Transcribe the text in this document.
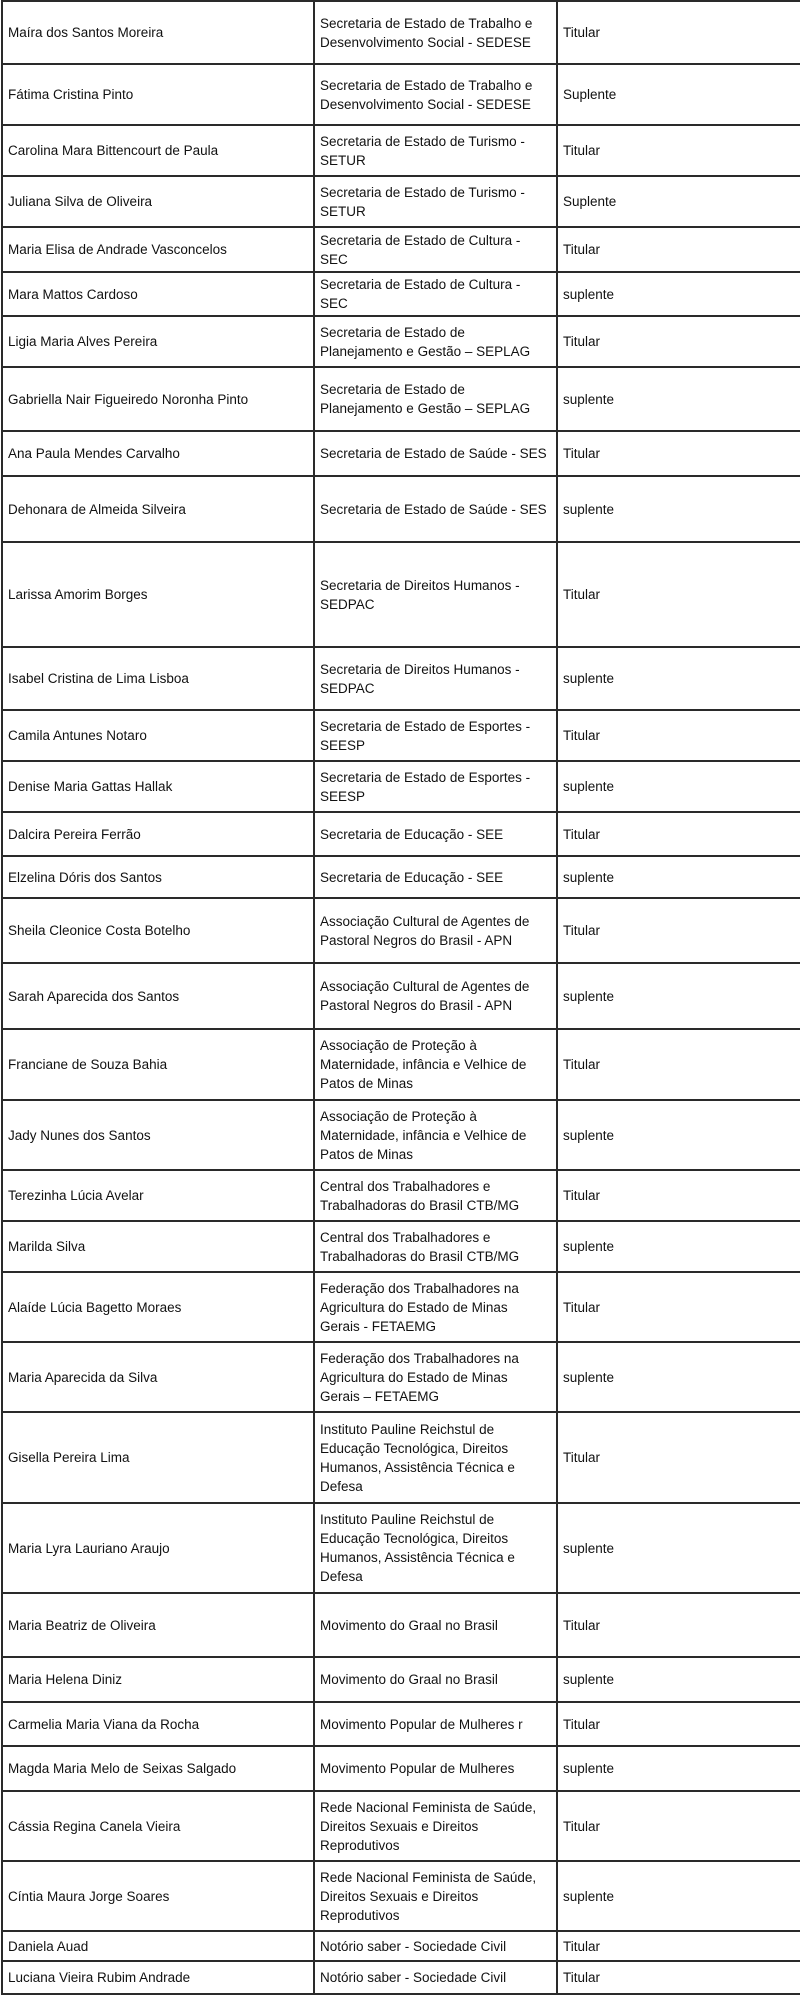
Maíra dos Santos Moreira	Secretaria de Estado de Trabalho e
Desenvolvimento Social - SEDESE	Titular
Fátima Cristina Pinto	Secretaria de Estado de Trabalho e
Desenvolvimento Social - SEDESE	Suplente
Carolina Mara Bittencourt de Paula	Secretaria de Estado de Turismo -
SETUR	Titular
Juliana Silva de Oliveira	Secretaria de Estado de Turismo -
SETUR	Suplente
Maria Elisa de Andrade Vasconcelos	Secretaria de Estado de Cultura - SEC	Titular
Mara Mattos Cardoso	Secretaria de Estado de Cultura - SEC	suplente
Ligia Maria Alves Pereira	Secretaria de Estado de
Planejamento e Gestão – SEPLAG	Titular
Gabriella Nair Figueiredo Noronha Pinto	Secretaria de Estado de
Planejamento e Gestão – SEPLAG	suplente
Ana Paula Mendes Carvalho	Secretaria de Estado de Saúde - SES	Titular
Dehonara de Almeida Silveira	Secretaria de Estado de Saúde - SES	suplente
Larissa Amorim Borges	Secretaria de Direitos Humanos -
SEDPAC	Titular
Isabel Cristina de Lima Lisboa	Secretaria de Direitos Humanos -
SEDPAC	suplente
Camila Antunes Notaro	Secretaria de Estado de Esportes -
SEESP	Titular
Denise Maria Gattas Hallak	Secretaria de Estado de Esportes -
SEESP	suplente
Dalcira Pereira Ferrão	Secretaria de Educação - SEE	Titular
Elzelina Dóris dos Santos	Secretaria de Educação - SEE	suplente
Sheila Cleonice Costa Botelho	Associação Cultural de Agentes de
Pastoral Negros do Brasil - APN	Titular
Sarah Aparecida dos Santos	Associação Cultural de Agentes de
Pastoral Negros do Brasil - APN	suplente
Franciane de Souza Bahia	Associação de Proteção à
Maternidade, infância e Velhice de
Patos de Minas	Titular
Jady Nunes dos Santos	Associação de Proteção à
Maternidade, infância e Velhice de
Patos de Minas	suplente
Terezinha Lúcia Avelar	Central dos Trabalhadores e
Trabalhadoras do Brasil CTB/MG	Titular
Marilda Silva	Central dos Trabalhadores e
Trabalhadoras do Brasil CTB/MG	suplente
Alaíde Lúcia Bagetto Moraes	Federação dos Trabalhadores na
Agricultura do Estado de Minas
Gerais - FETAEMG	Titular
Maria Aparecida da Silva	Federação dos Trabalhadores na
Agricultura do Estado de Minas
Gerais – FETAEMG	suplente
Gisella Pereira Lima	Instituto Pauline Reichstul de
Educação Tecnológica, Direitos
Humanos, Assistência Técnica e
Defesa	Titular
Maria Lyra Lauriano Araujo	Instituto Pauline Reichstul de
Educação Tecnológica, Direitos
Humanos, Assistência Técnica e
Defesa	suplente
Maria Beatriz de Oliveira	Movimento do Graal no Brasil	Titular
Maria Helena Diniz	Movimento do Graal no Brasil	suplente
Carmelia Maria Viana da Rocha	Movimento Popular de Mulheres r	Titular
Magda Maria Melo de Seixas Salgado	Movimento Popular de Mulheres	suplente
Cássia Regina Canela Vieira	Rede Nacional Feminista de Saúde,
Direitos Sexuais e Direitos
Reprodutivos	Titular
Cíntia Maura Jorge Soares	Rede Nacional Feminista de Saúde,
Direitos Sexuais e Direitos
Reprodutivos	suplente
Daniela Auad	Notório saber - Sociedade Civil	Titular
Luciana Vieira Rubim Andrade	Notório saber - Sociedade Civil	Titular
